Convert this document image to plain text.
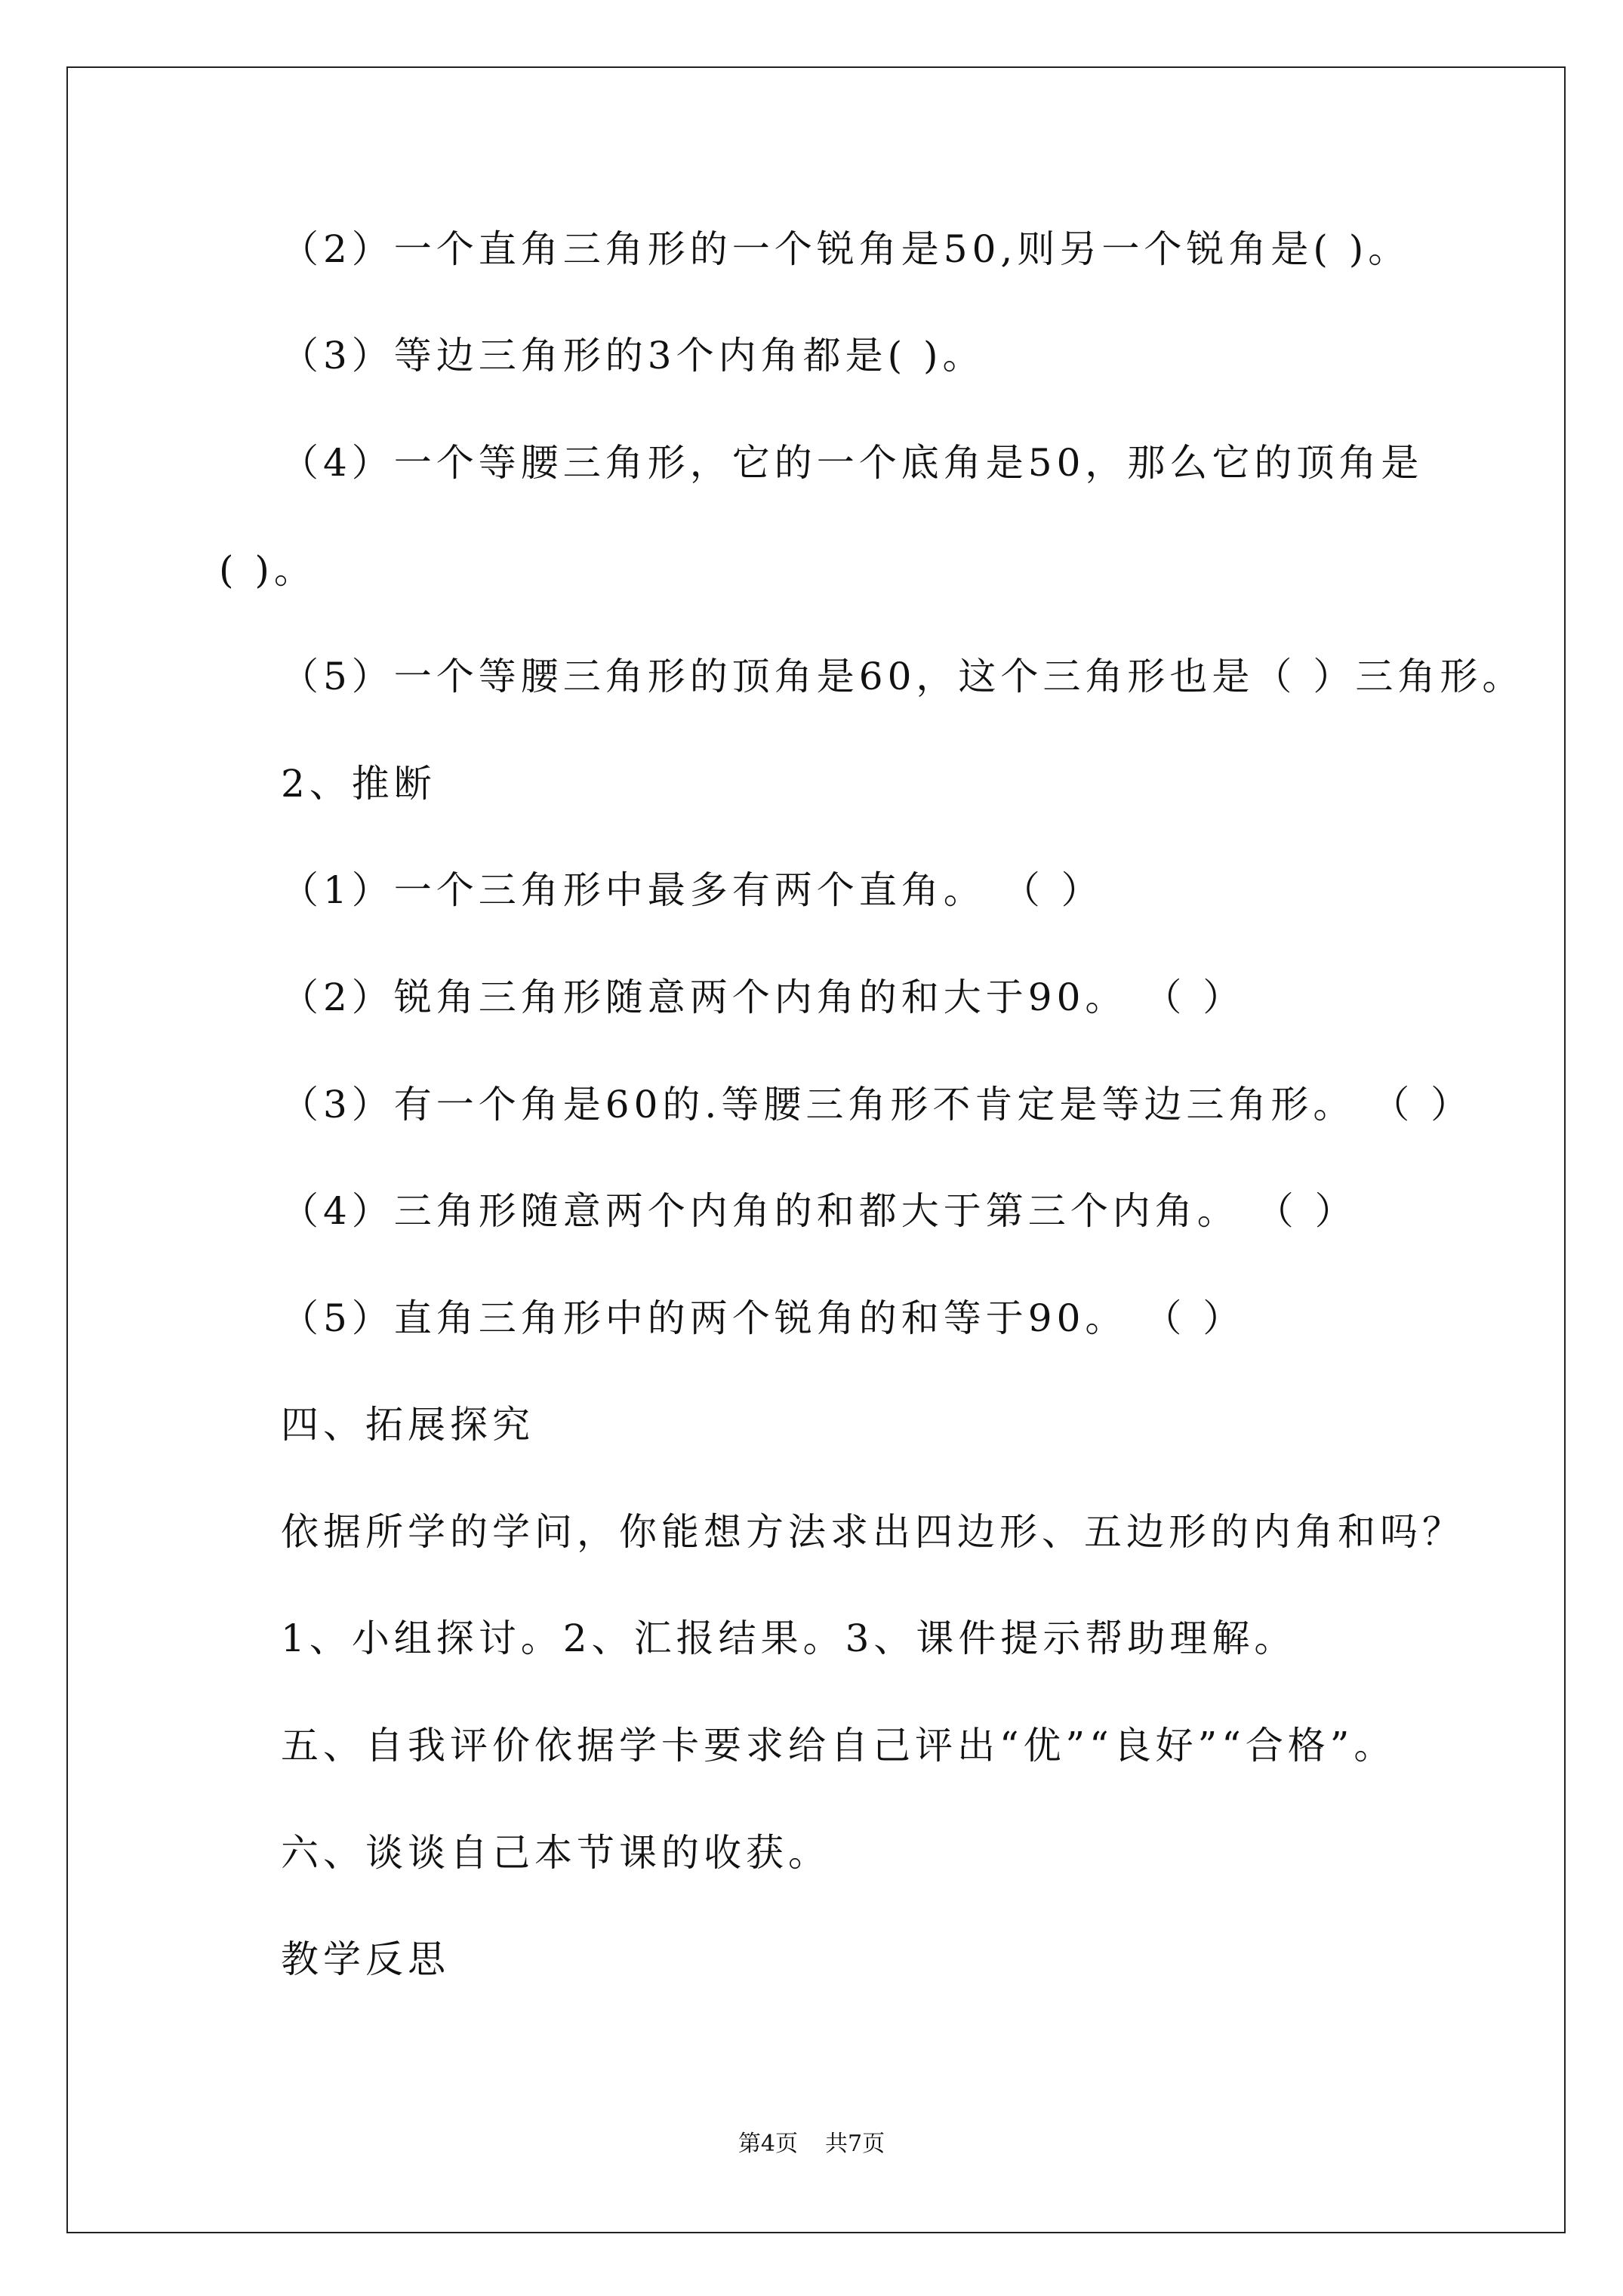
（2）一个直角三角形的一个锐角是50,则另一个锐角是( )。
（3）等边三角形的3个内角都是( )。
（4）一个等腰三角形，它的一个底角是50，那么它的顶角是
( )。
（5）一个等腰三角形的顶角是60，这个三角形也是（ ）三角形。
2、推断
（1）一个三角形中最多有两个直角。 （ ）
（2）锐角三角形随意两个内角的和大于90。 （ ）
（3）有一个角是60的.等腰三角形不肯定是等边三角形。 （ ）
（4）三角形随意两个内角的和都大于第三个内角。 （ ）
（5）直角三角形中的两个锐角的和等于90。 （ ）
四、拓展探究
依据所学的学问，你能想方法求出四边形、五边形的内角和吗？
1、小组探讨。2、汇报结果。3、课件提示帮助理解。
五、自我评价依据学卡要求给自己评出“优”“良好”“合格”。
六、谈谈自己本节课的收获。
教学反思
第4页 共7页
